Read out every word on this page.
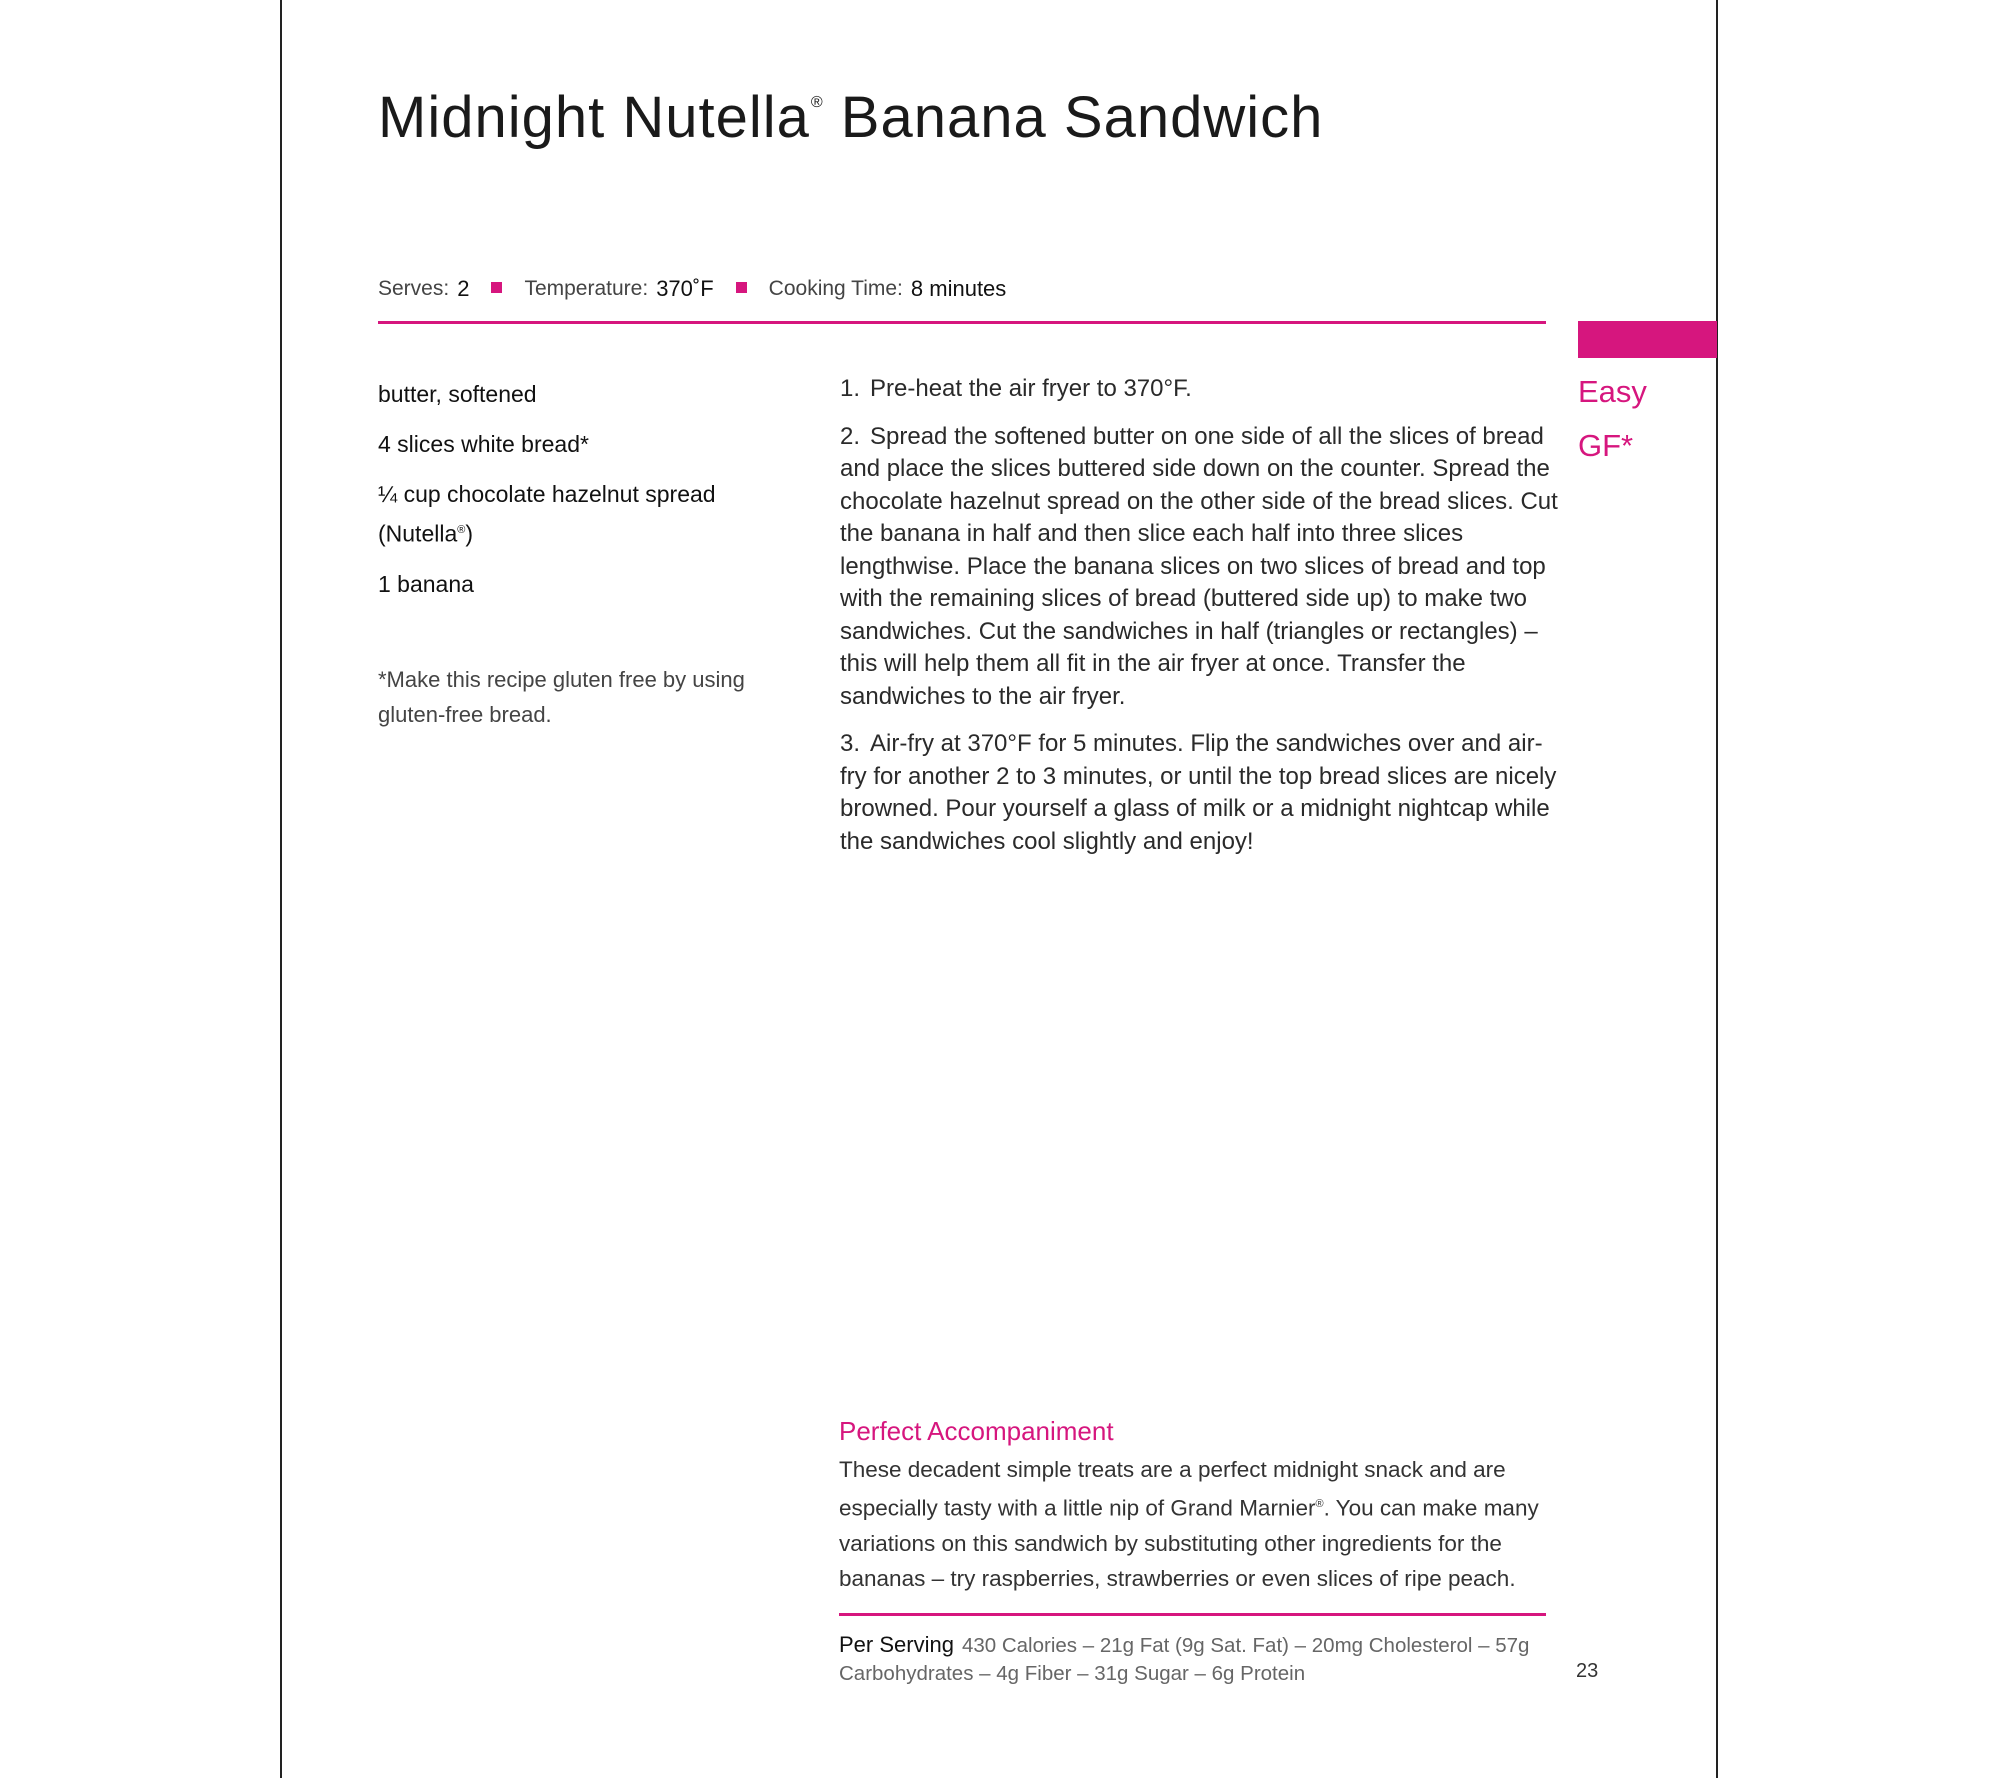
Midnight Nutella® Banana Sandwich
Serves: 2	Temperature: 370˚F	Cooking Time: 8 minutes
Easy
GF*
butter, softened
4 slices white bread*
¼ cup chocolate hazelnut spread (Nutella®)
1 banana
*Make this recipe gluten free by using gluten-free bread.
1. Pre-heat the air fryer to 370°F.
2. Spread the softened butter on one side of all the slices of bread and place the slices buttered side down on the counter. Spread the chocolate hazelnut spread on the other side of the bread slices. Cut the banana in half and then slice each half into three slices lengthwise. Place the banana slices on two slices of bread and top with the remaining slices of bread (buttered side up) to make two sandwiches. Cut the sandwiches in half (triangles or rectangles) – this will help them all fit in the air fryer at once. Transfer the sandwiches to the air fryer.
3. Air-fry at 370°F for 5 minutes. Flip the sandwiches over and air-fry for another 2 to 3 minutes, or until the top bread slices are nicely browned. Pour yourself a glass of milk or a midnight nightcap while the sandwiches cool slightly and enjoy!
Perfect Accompaniment
These decadent simple treats are a perfect midnight snack and are especially tasty with a little nip of Grand Marnier®. You can make many variations on this sandwich by substituting other ingredients for the bananas – try raspberries, strawberries or even slices of ripe peach.
Per Serving 430 Calories – 21g Fat (9g Sat. Fat) – 20mg Cholesterol – 57g Carbohydrates – 4g Fiber – 31g Sugar – 6g Protein	23
